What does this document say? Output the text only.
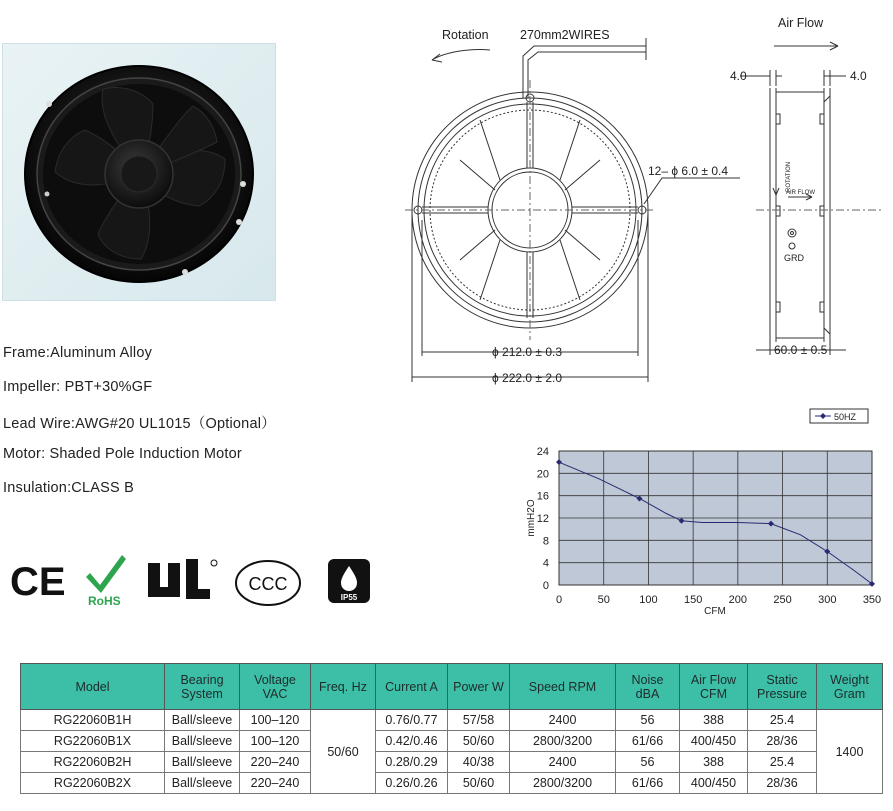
Frame:Aluminum Alloy
Impeller: PBT+30%GF
Lead Wire:AWG#20 UL1015（Optional）
Motor: Shaded Pole Induction Motor
Insulation:CLASS B
CE RoHS	UL
CCC
IP55
Rotation	270mm2WIRES
Air Flow
12– ϕ 6.0 ± 0.4
ϕ 212.0 ± 0.3
ϕ 222.0 ± 2.0
4.0	4.0
60.0 ± 0.5
ROTATION
AIR FLOW
GRD
0	50	100 150 200 250 300 350
0
4
8
12
16
20
24
CFM
mmH2O
50HZ
Model	Bearing System	Voltage VAC	Freq. Hz	Current A	Power W	Speed RPM	Noise dBA	Air Flow CFM	Static Pressure	Weight Gram
RG22060B1H	Ball/sleeve	100–120	50/60	0.76/0.77	57/58	2400	56	388	25.4	1400
RG22060B1X	Ball/sleeve	100–120		0.42/0.46	50/60	2800/3200	61/66	400/450	28/36	
RG22060B2H	Ball/sleeve	220–240		0.28/0.29	40/38	2400	56	388	25.4	
RG22060B2X	Ball/sleeve	220–240		0.26/0.26	50/60	2800/3200	61/66	400/450	28/36	
